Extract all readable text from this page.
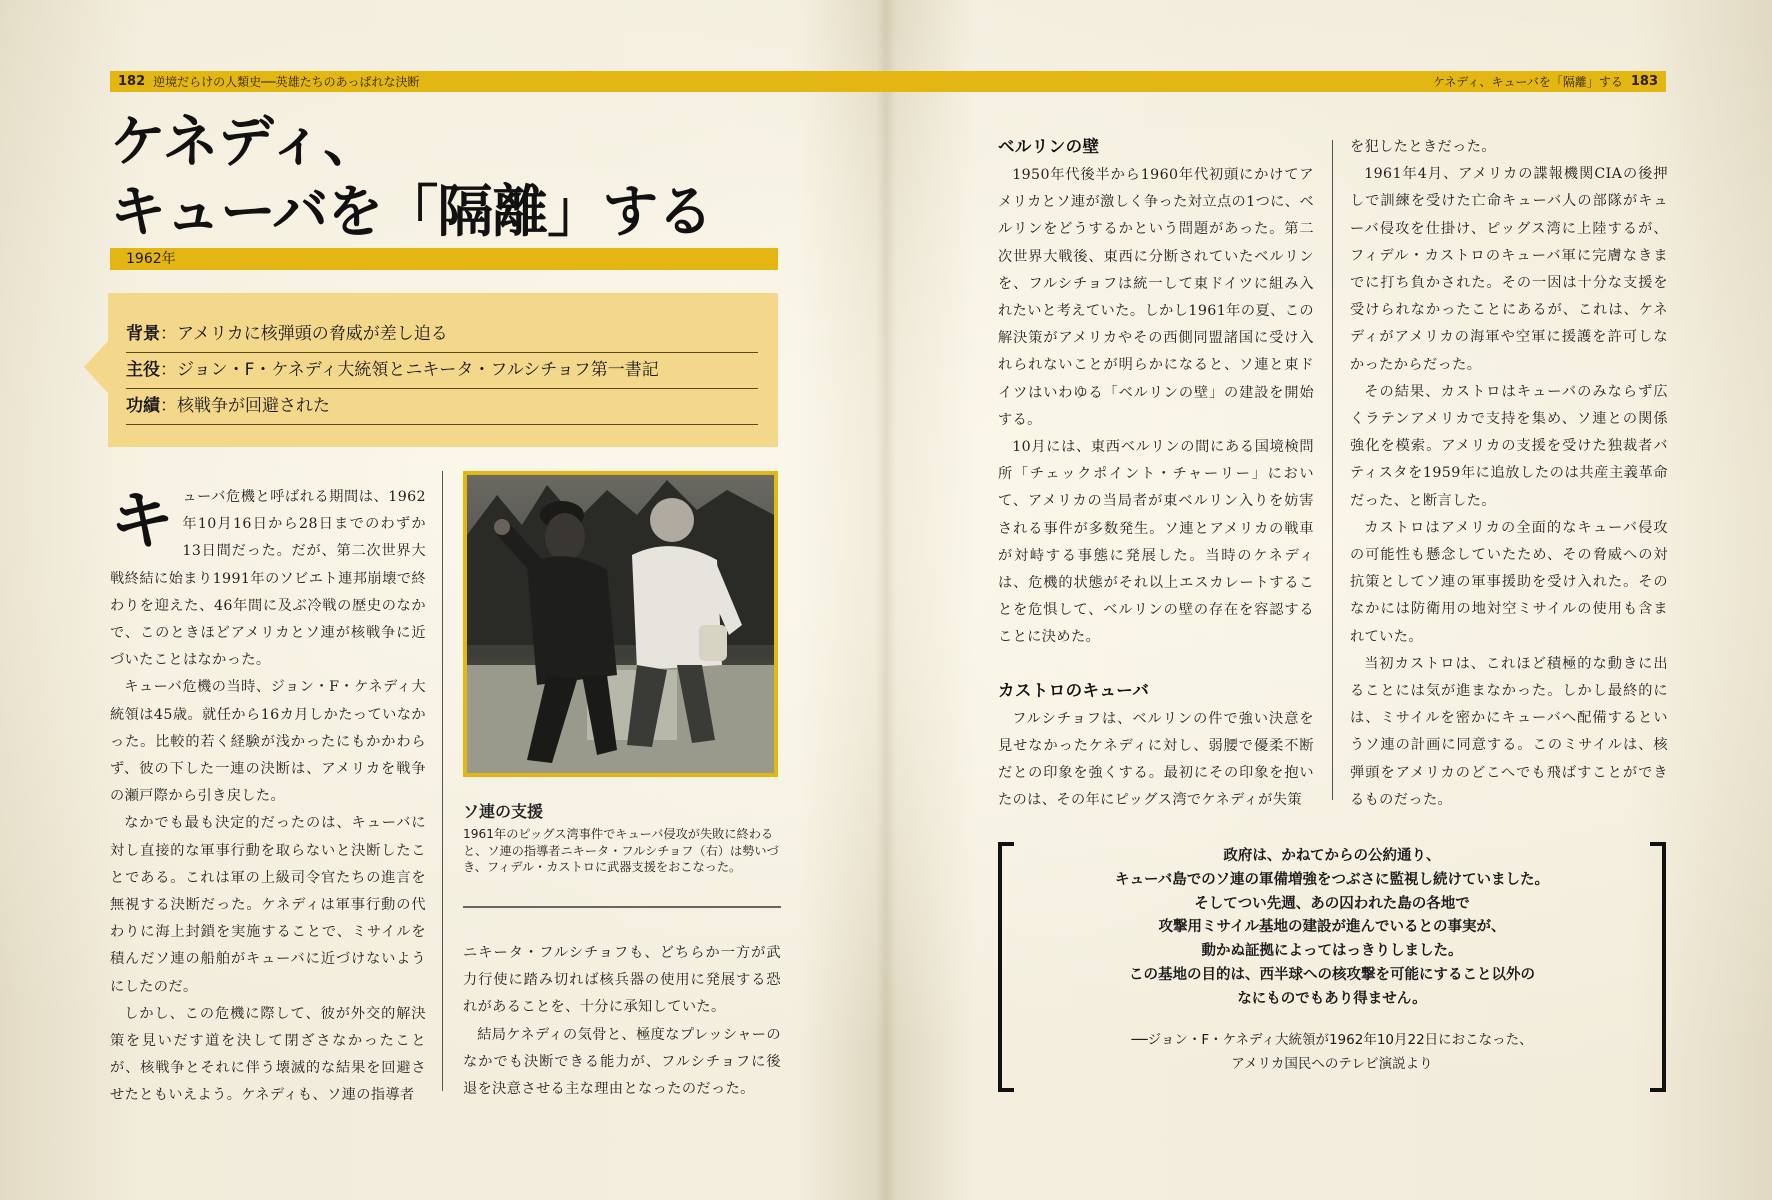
182 逆境だらけの人類史──英雄たちのあっぱれな決断	ケネディ、キューバを「隔離」する 183
ケネディ、
キューバを「隔離」する
1962年
背景：アメリカに核弾頭の脅威が差し迫る
主役：ジョン・F・ケネディ大統領とニキータ・フルシチョフ第一書記
功績：核戦争が回避された
キ ューバ危機と呼ばれる期間は、1962年10月16日から28日までのわずか13日間だった。だが、第二次世界大戦終結に始まり1991年のソビエト連邦崩壊で終わりを迎えた、46年間に及ぶ冷戦の歴史のなかで、このときほどアメリカとソ連が核戦争に近づいたことはなかった。

キューバ危機の当時、ジョン・F・ケネディ大統領は45歳。就任から16カ月しかたっていなかった。比較的若く経験が浅かったにもかかわらず、彼の下した一連の決断は、アメリカを戦争の瀬戸際から引き戻した。

なかでも最も決定的だったのは、キューバに対し直接的な軍事行動を取らないと決断したことである。これは軍の上級司令官たちの進言を無視する決断だった。ケネディは軍事行動の代わりに海上封鎖を実施することで、ミサイルを積んだソ連の船舶がキューバに近づけないようにしたのだ。

しかし、この危機に際して、彼が外交的解決策を見いだす道を決して閉ざさなかったことが、核戦争とそれに伴う壊滅的な結果を回避させたともいえよう。ケネディも、ソ連の指導者

ソ連の支援
1961年のピッグス湾事件でキューバ侵攻が失敗に終わると、ソ連の指導者ニキータ・フルシチョフ（右）は勢いづき、フィデル・カストロに武器支援をおこなった。

ニキータ・フルシチョフも、どちらか一方が武力行使に踏み切れば核兵器の使用に発展する恐れがあることを、十分に承知していた。

結局ケネディの気骨と、極度なプレッシャーのなかでも決断できる能力が、フルシチョフに後退を決意させる主な理由となったのだった。

ベルリンの壁

1950年代後半から1960年代初頭にかけてアメリカとソ連が激しく争った対立点の1つに、ベルリンをどうするかという問題があった。第二次世界大戦後、東西に分断されていたベルリンを、フルシチョフは統一して東ドイツに組み入れたいと考えていた。しかし1961年の夏、この解決策がアメリカやその西側同盟諸国に受け入れられないことが明らかになると、ソ連と東ドイツはいわゆる「ベルリンの壁」の建設を開始する。

10月には、東西ベルリンの間にある国境検問所「チェックポイント・チャーリー」において、アメリカの当局者が東ベルリン入りを妨害される事件が多数発生。ソ連とアメリカの戦車が対峙する事態に発展した。当時のケネディは、危機的状態がそれ以上エスカレートすることを危惧して、ベルリンの壁の存在を容認することに決めた。

カストロのキューバ

フルシチョフは、ベルリンの件で強い決意を見せなかったケネディに対し、弱腰で優柔不断だとの印象を強くする。最初にその印象を抱いたのは、その年にピッグス湾でケネディが失策

を犯したときだった。

1961年4月、アメリカの諜報機関CIAの後押しで訓練を受けた亡命キューバ人の部隊がキューバ侵攻を仕掛け、ピッグス湾に上陸するが、フィデル・カストロのキューバ軍に完膚なきまでに打ち負かされた。その一因は十分な支援を受けられなかったことにあるが、これは、ケネディがアメリカの海軍や空軍に援護を許可しなかったからだった。

その結果、カストロはキューバのみならず広くラテンアメリカで支持を集め、ソ連との関係強化を模索。アメリカの支援を受けた独裁者バティスタを1959年に追放したのは共産主義革命だった、と断言した。

カストロはアメリカの全面的なキューバ侵攻の可能性も懸念していたため、その脅威への対抗策としてソ連の軍事援助を受け入れた。そのなかには防衛用の地対空ミサイルの使用も含まれていた。

当初カストロは、これほど積極的な動きに出ることには気が進まなかった。しかし最終的には、ミサイルを密かにキューバへ配備するというソ連の計画に同意する。このミサイルは、核弾頭をアメリカのどこへでも飛ばすことができるものだった。

政府は、かねてからの公約通り、
キューバ島でのソ連の軍備増強をつぶさに監視し続けていました。
そしてつい先週、あの囚われた島の各地で
攻撃用ミサイル基地の建設が進んでいるとの事実が、
動かぬ証拠によってはっきりしました。
この基地の目的は、西半球への核攻撃を可能にすること以外の
なにものでもあり得ません。
──ジョン・F・ケネディ大統領が1962年10月22日におこなった、
アメリカ国民へのテレビ演説より
